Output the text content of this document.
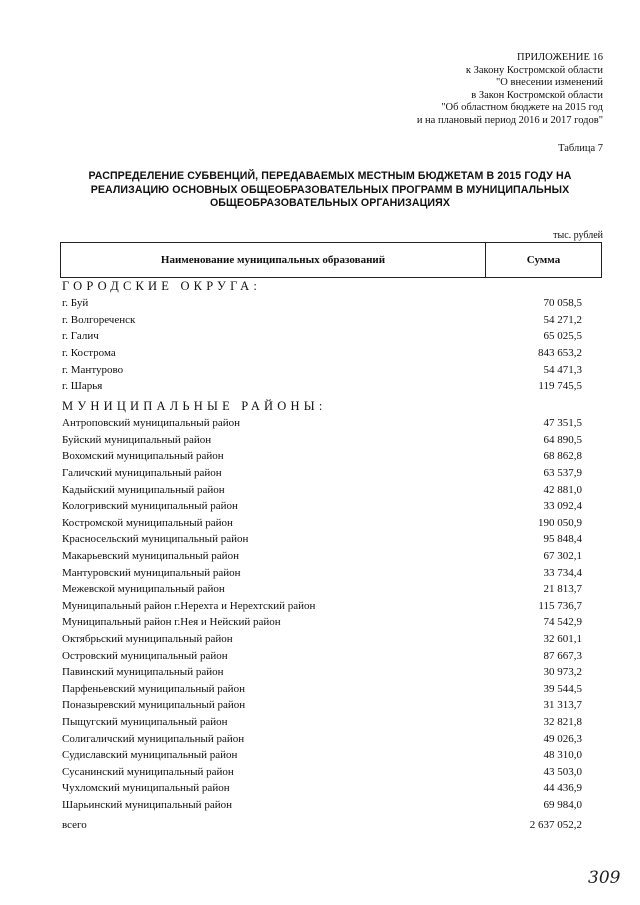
ПРИЛОЖЕНИЕ 16
к Закону Костромской области
"О внесении изменений
в Закон Костромской области
"Об областном бюджете на 2015 год
и на плановый период 2016 и 2017 годов"
Таблица 7
РАСПРЕДЕЛЕНИЕ СУБВЕНЦИЙ, ПЕРЕДАВАЕМЫХ МЕСТНЫМ БЮДЖЕТАМ В 2015 ГОДУ НА
РЕАЛИЗАЦИЮ ОСНОВНЫХ ОБЩЕОБРАЗОВАТЕЛЬНЫХ ПРОГРАММ В МУНИЦИПАЛЬНЫХ
ОБЩЕОБРАЗОВАТЕЛЬНЫХ ОРГАНИЗАЦИЯХ
тыс. рублей
Наименование муниципальных образований	Сумма
ГОРОДСКИЕ ОКРУГА:
г. Буй	70 058,5
г. Волгореченск	54 271,2
г. Галич	65 025,5
г. Кострома	843 653,2
г. Мантурово	54 471,3
г. Шарья	119 745,5
МУНИЦИПАЛЬНЫЕ РАЙОНЫ:
Антроповский муниципальный район	47 351,5
Буйский муниципальный район	64 890,5
Вохомский муниципальный район	68 862,8
Галичский муниципальный район	63 537,9
Кадыйский муниципальный район	42 881,0
Кологривский муниципальный район	33 092,4
Костромской муниципальный район	190 050,9
Красносельский муниципальный район	95 848,4
Макарьевский муниципальный район	67 302,1
Мантуровский муниципальный район	33 734,4
Межевской муниципальный район	21 813,7
Муниципальный район г.Нерехта и Нерехтский район	115 736,7
Муниципальный район г.Нея и Нейский район	74 542,9
Октябрьский муниципальный район	32 601,1
Островский муниципальный район	87 667,3
Павинский муниципальный район	30 973,2
Парфеньевский муниципальный район	39 544,5
Поназыревский муниципальный район	31 313,7
Пыщугский муниципальный район	32 821,8
Солигаличский муниципальный район	49 026,3
Судиславский муниципальный район	48 310,0
Сусанинский муниципальный район	43 503,0
Чухломский муниципальный район	44 436,9
Шарьинский муниципальный район	69 984,0
всего	2 637 052,2
309
